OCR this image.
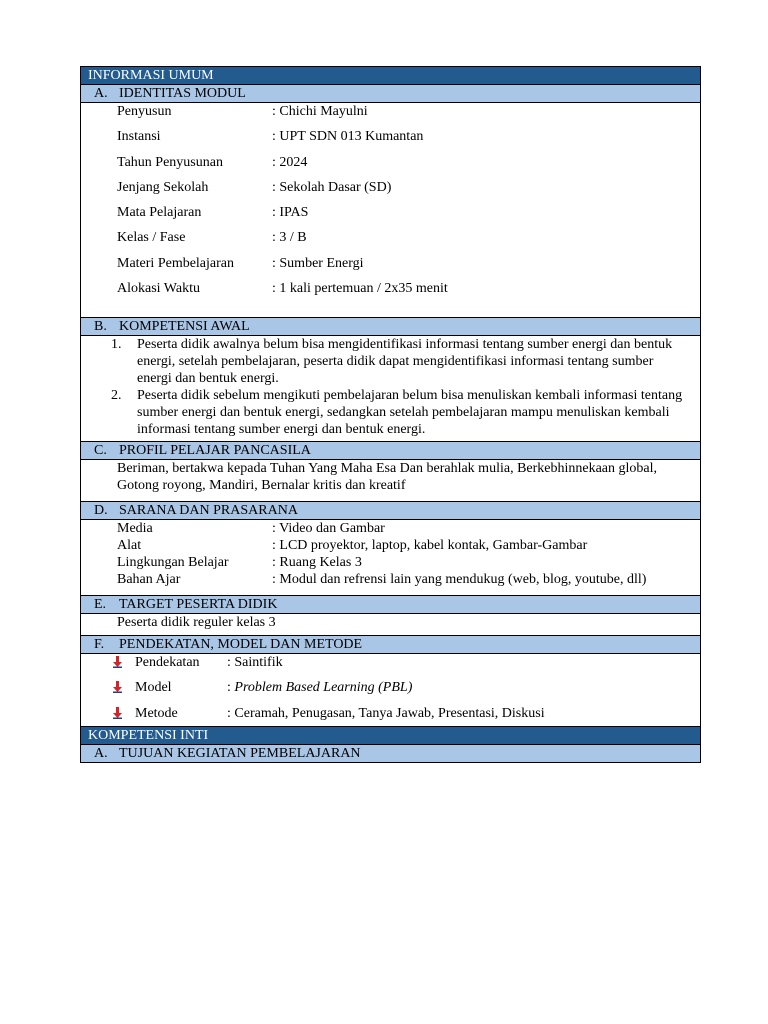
INFORMASI UMUM
A. IDENTITAS MODUL

Penyusun	: Chichi Mayulni
Instansi	: UPT SDN 013 Kumantan
Tahun Penyusunan	: 2024
Jenjang Sekolah	: Sekolah Dasar (SD)
Mata Pelajaran	: IPAS
Kelas / Fase	: 3 / B
Materi Pembelajaran	: Sumber Energi
Alokasi Waktu	: 1 kali pertemuan / 2x35 menit

B. KOMPETENSI AWAL

1. Peserta didik awalnya belum bisa mengidentifikasi informasi tentang sumber energi dan bentuk energi, setelah pembelajaran, peserta didik dapat mengidentifikasi informasi tentang sumber energi dan bentuk energi.
2. Peserta didik sebelum mengikuti pembelajaran belum bisa menuliskan kembali informasi tentang sumber energi dan bentuk energi, sedangkan setelah pembelajaran mampu menuliskan kembali informasi tentang sumber energi dan bentuk energi.

C. PROFIL PELAJAR PANCASILA

Beriman, bertakwa kepada Tuhan Yang Maha Esa Dan berahlak mulia, Berkebhinnekaan global, Gotong royong, Mandiri, Bernalar kritis dan kreatif

D. SARANA DAN PRASARANA

Media	: Video dan Gambar
Alat	: LCD proyektor, laptop, kabel kontak, Gambar-Gambar
Lingkungan Belajar	: Ruang Kelas 3
Bahan Ajar	: Modul dan refrensi lain yang mendukug (web, blog, youtube, dll)

E. TARGET PESERTA DIDIK

Peserta didik reguler kelas 3

F. PENDEKATAN, MODEL DAN METODE

Pendekatan : Saintifik
Model	: Problem Based Learning (PBL)
Metode	: Ceramah, Penugasan, Tanya Jawab, Presentasi, Diskusi

KOMPETENSI INTI
A. TUJUAN KEGIATAN PEMBELAJARAN
